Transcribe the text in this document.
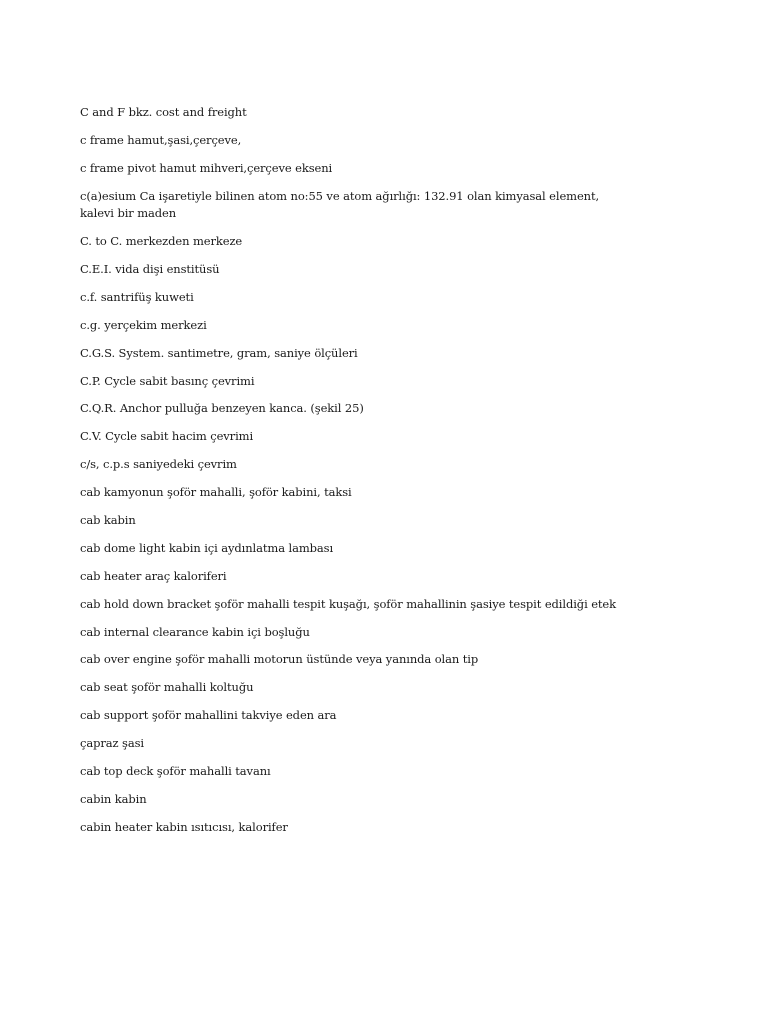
C and F bkz. cost and freight
c frame hamut,şasi,çerçeve,
c frame pivot hamut mihveri,çerçeve ekseni
c(a)esium Ca işaretiyle bilinen atom no:55 ve atom ağırlığı: 132.91 olan kimyasal element, kalevi bir maden
C. to C. merkezden merkeze
C.E.I. vida dişi enstitüsü
c.f. santrifüş kuweti
c.g. yerçekim merkezi
C.G.S. System. santimetre, gram, saniye ölçüleri
C.P. Cycle sabit basınç çevrimi
C.Q.R. Anchor pulluğa benzeyen kanca. (şekil 25)
C.V. Cycle sabit hacim çevrimi
c/s, c.p.s saniyedeki çevrim
cab kamyonun şoför mahalli, şoför kabini, taksi
cab kabin
cab dome light kabin içi aydınlatma lambası
cab heater araç kaloriferi
cab hold down bracket şoför mahalli tespit kuşağı, şoför mahallinin şasiye tespit edildiği etek
cab internal clearance kabin içi boşluğu
cab over engine şoför mahalli motorun üstünde veya yanında olan tip
cab seat şoför mahalli koltuğu
cab support şoför mahallini takviye eden ara
çapraz şasi
cab top deck şoför mahalli tavanı
cabin kabin
cabin heater kabin ısıtıcısı, kalorifer
